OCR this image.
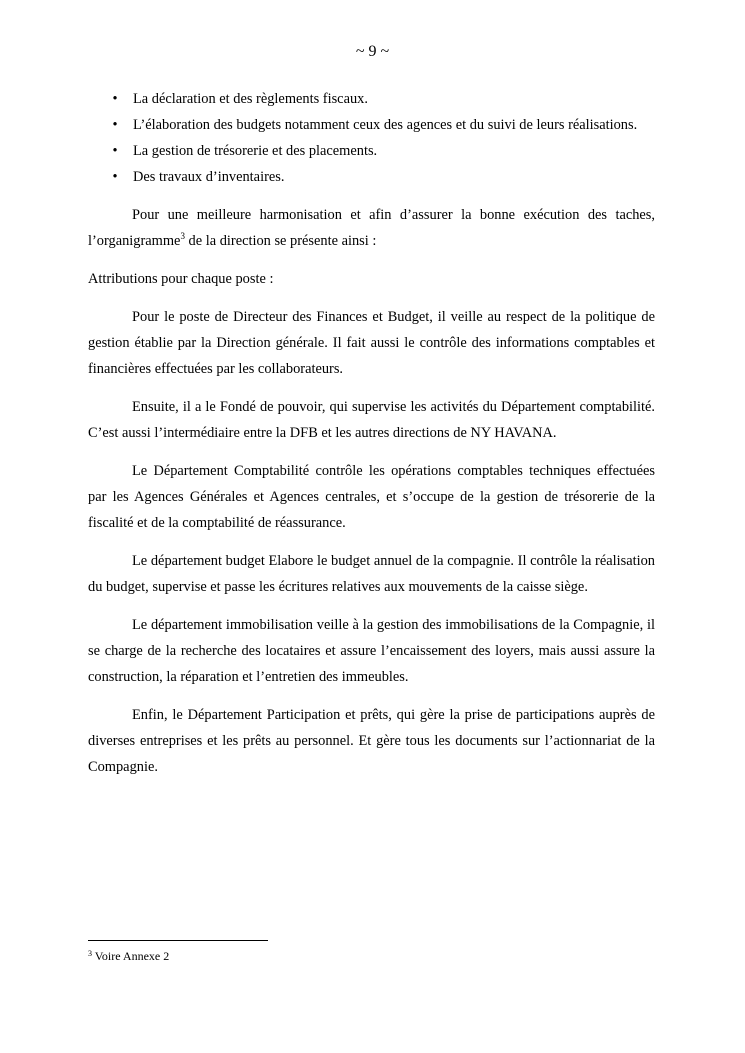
~ 9 ~
• La déclaration et des règlements fiscaux.
• L’élaboration des budgets notamment ceux des agences et du suivi de leurs réalisations.
• La gestion de trésorerie et des placements.
• Des travaux d’inventaires.

Pour une meilleure harmonisation et afin d’assurer la bonne exécution des taches, l’organigramme$^3$ de la direction se présente ainsi :

Attributions pour chaque poste :

Pour le poste de Directeur des Finances et Budget, il veille au respect de la politique de gestion établie par la Direction générale. Il fait aussi le contrôle des informations comptables et financières effectuées par les collaborateurs.

Ensuite, il a le Fondé de pouvoir, qui supervise les activités du Département comptabilité. C’est aussi l’intermédiaire entre la DFB et les autres directions de NY HAVANA.

Le Département Comptabilité contrôle les opérations comptables techniques effectuées par les Agences Générales et Agences centrales, et s’occupe de la gestion de trésorerie de la fiscalité et de la comptabilité de réassurance.

Le département budget Elabore le budget annuel de la compagnie. Il contrôle la réalisation du budget, supervise et passe les écritures relatives aux mouvements de la caisse siège.

Le département immobilisation veille à la gestion des immobilisations de la Compagnie, il se charge de la recherche des locataires et assure l’encaissement des loyers, mais aussi assure la construction, la réparation et l’entretien des immeubles.

Enfin, le Département Participation et prêts, qui gère la prise de participations auprès de diverses entreprises et les prêts au personnel. Et gère tous les documents sur l’actionnariat de la Compagnie.

$^3$ Voire Annexe 2
